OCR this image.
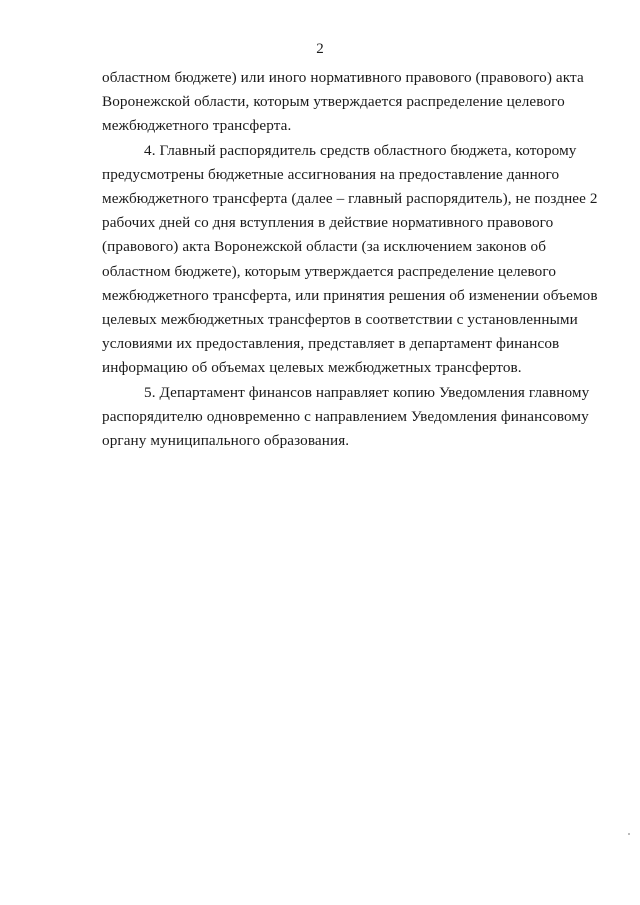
2
областном бюджете) или иного нормативного правового (правового) акта
Воронежской области, которым утверждается распределение целевого
межбюджетного трансферта.
4. Главный распорядитель средств областного бюджета, которому
предусмотрены бюджетные ассигнования на предоставление данного
межбюджетного трансферта (далее – главный распорядитель), не позднее 2
рабочих дней со дня вступления в действие нормативного правового
(правового) акта Воронежской области (за исключением законов об
областном бюджете), которым утверждается распределение целевого
межбюджетного трансферта, или принятия решения об изменении объемов
целевых межбюджетных трансфертов в соответствии с установленными
условиями их предоставления, представляет в департамент финансов
информацию об объемах целевых межбюджетных трансфертов.
5. Департамент финансов направляет копию Уведомления главному
распорядителю одновременно с направлением Уведомления финансовому
органу муниципального образования.
